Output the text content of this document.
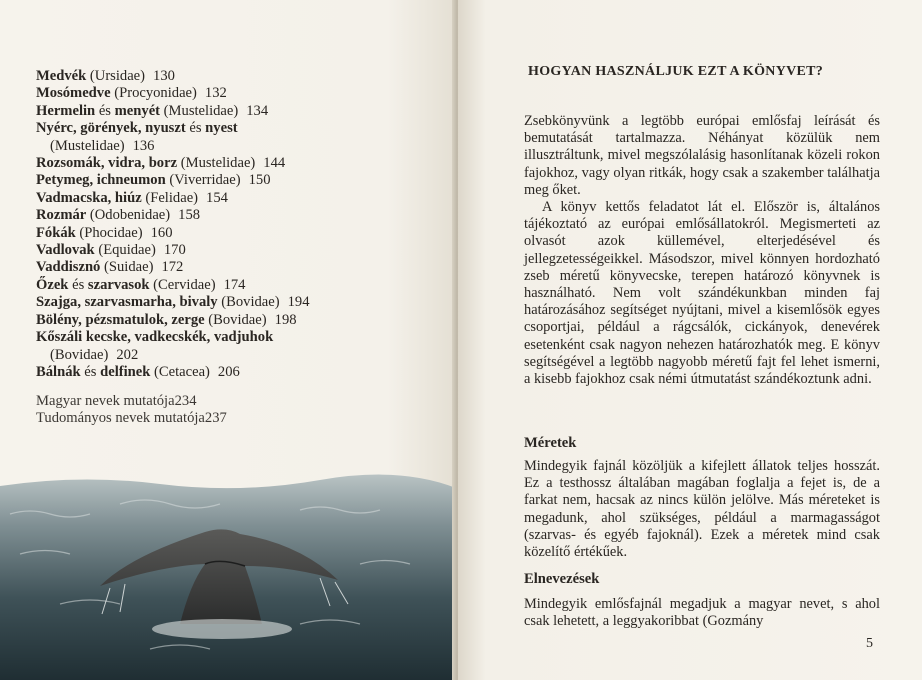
Medvék (Ursidae) 130
Mosómedve (Procyonidae) 132
Hermelin és menyét (Mustelidae) 134
Nyérc, görények, nyuszt és nyest
(Mustelidae) 136
Rozsomák, vidra, borz (Mustelidae) 144
Petymeg, ichneumon (Viverridae) 150
Vadmacska, hiúz (Felidae) 154
Rozmár (Odobenidae) 158
Fókák (Phocidae) 160
Vadlovak (Equidae) 170
Vaddisznó (Suidae) 172
Őzek és szarvasok (Cervidae) 174
Szajga, szarvasmarha, bivaly (Bovidae) 194
Bölény, pézsmatulok, zerge (Bovidae) 198
Kőszáli kecske, vadkecskék, vadjuhok
(Bovidae) 202
Bálnák és delfinek (Cetacea) 206
Magyar nevek mutatója234
Tudományos nevek mutatója237
HOGYAN HASZNÁLJUK EZT A KÖNYVET?
Zsebkönyvünk a legtöbb európai emlősfaj leírását és bemutatását tartalmazza. Néhányat közülük nem illusztráltunk, mivel megszólalásig hasonlítanak közeli rokon fajokhoz, vagy olyan ritkák, hogy csak a szakember találhatja meg őket.
A könyv kettős feladatot lát el. Először is, általános tájékoztató az európai emlősállatokról. Megismerteti az olvasót azok küllemével, elterjedésével és jellegzetességeikkel. Másodszor, mivel könnyen hordozható zseb méretű könyvecske, terepen határozó könyvnek is használható. Nem volt szándékunkban minden faj határozásához segítséget nyújtani, mivel a kisemlősök egyes csoportjai, például a rágcsálók, cickányok, denevérek esetenként csak nagyon nehezen határozhatók meg. E könyv segítségével a legtöbb nagyobb méretű fajt fel lehet ismerni, a kisebb fajokhoz csak némi útmutatást szándékoztunk adni.
Méretek
Mindegyik fajnál közöljük a kifejlett állatok teljes hosszát. Ez a testhossz általában magában foglalja a fejet is, de a farkat nem, hacsak az nincs külön jelölve. Más méreteket is megadunk, ahol szükséges, például a marmagasságot (szarvas- és egyéb fajoknál). Ezek a méretek mind csak közelítő értékűek.
Elnevezések
Mindegyik emlősfajnál megadjuk a magyar nevet, s ahol csak lehetett, a leggyakoribbat (Gozmány
5
